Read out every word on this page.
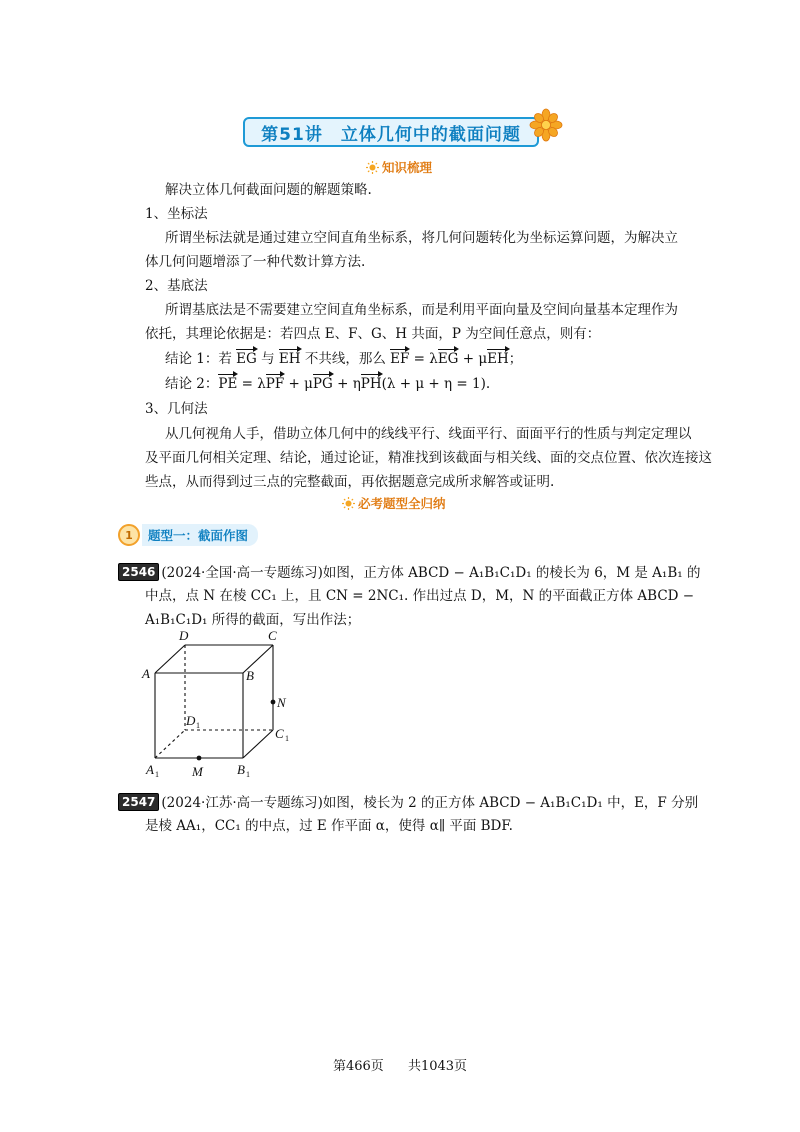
第51讲　立体几何中的截面问题
知识梳理
解决立体几何截面问题的解题策略.
1、坐标法
所谓坐标法就是通过建立空间直角坐标系，将几何问题转化为坐标运算问题，为解决立
体几何问题增添了一种代数计算方法.
2、基底法
所谓基底法是不需要建立空间直角坐标系，而是利用平面向量及空间向量基本定理作为
依托，其理论依据是：若四点 E、F、G、H 共面，P 为空间任意点，则有：
结论 1：若 EG 与 EH 不共线，那么 EF = λEG + μEH；
结论 2：PE = λPF + μPG + ηPH(λ + μ + η = 1).
3、几何法
从几何视角人手，借助立体几何中的线线平行、线面平行、面面平行的性质与判定定理以
及平面几何相关定理、结论，通过论证，精准找到该截面与相关线、面的交点位置、依次连接这
些点，从而得到过三点的完整截面，再依据题意完成所求解答或证明.
必考题型全归纳
1	题型一：截面作图
2546 (2024·全国·高一专题练习)如图，正方体 ABCD − A₁B₁C₁D₁ 的棱长为 6，M 是 A₁B₁ 的
中点，点 N 在棱 CC₁ 上，且 CN = 2NC₁. 作出过点 D，M，N 的平面截正方体 ABCD −
A₁B₁C₁D₁ 所得的截面，写出作法；
D	C
A	B
N
D
C
A	M	B
1
1
1	1
2547 (2024·江苏·高一专题练习)如图，棱长为 2 的正方体 ABCD − A₁B₁C₁D₁ 中，E，F 分别
是棱 AA₁，CC₁ 的中点，过 E 作平面 α，使得 α∥ 平面 BDF.
第466页 共1043页
